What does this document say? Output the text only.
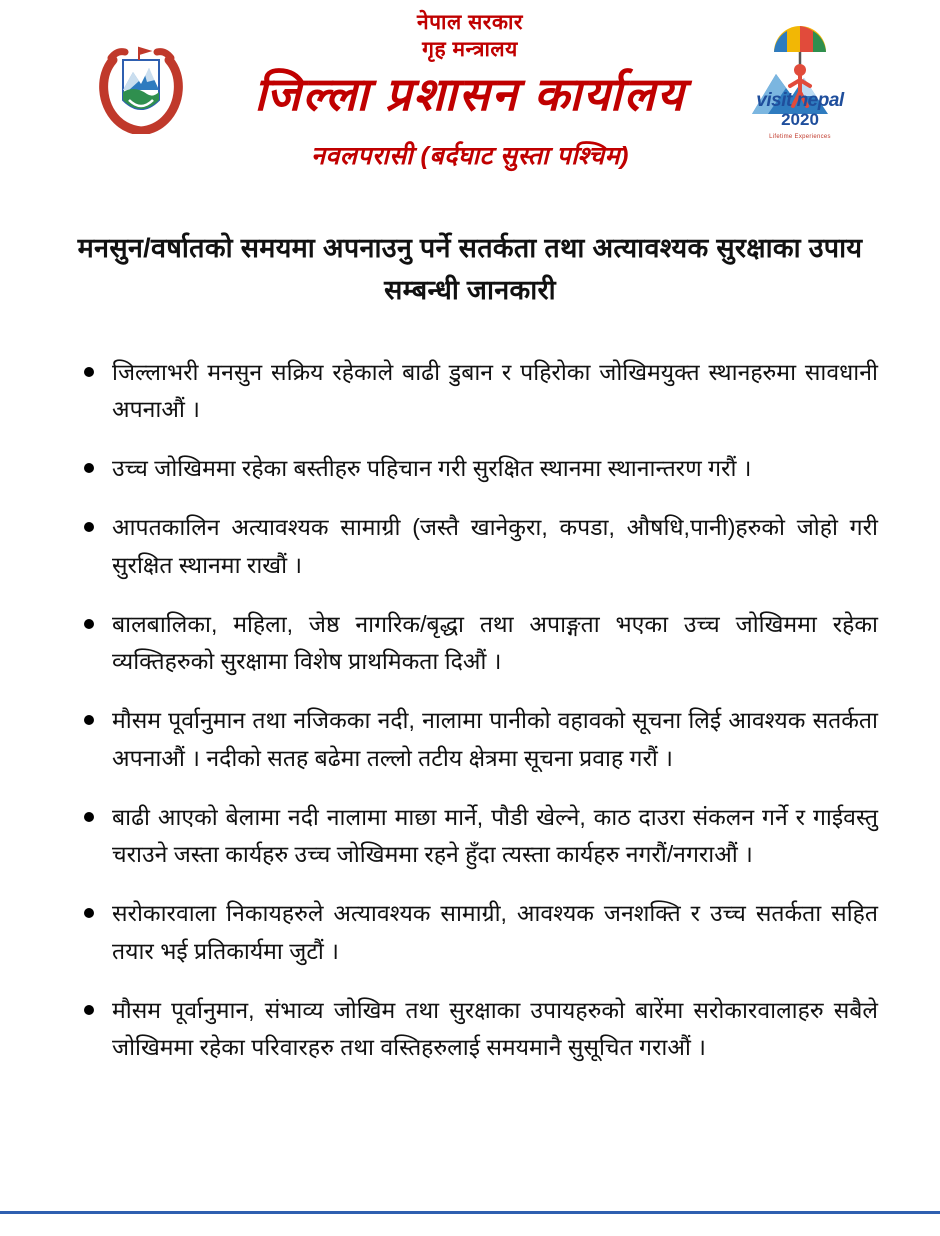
visit nepal
2020
Lifetime Experiences
नेपाल सरकार
गृह मन्त्रालय
जिल्ला प्रशासन कार्यालय
नवलपरासी (बर्दघाट सुस्ता पश्चिम)
मनसुन/वर्षातको समयमा अपनाउनु पर्ने सतर्कता तथा अत्यावश्यक सुरक्षाका उपाय सम्बन्धी जानकारी
जिल्लाभरी मनसुन सक्रिय रहेकाले बाढी डुबान र पहिरोका जोखिमयुक्त स्थानहरुमा सावधानी अपनाऔं ।
उच्च जोखिममा रहेका बस्तीहरु पहिचान गरी सुरक्षित स्थानमा स्थानान्तरण गरौं ।
आपतकालिन अत्यावश्यक सामाग्री (जस्तै खानेकुरा, कपडा, औषधि,पानी)हरुको जोहो गरी सुरक्षित स्थानमा राखौं ।
बालबालिका, महिला, जेष्ठ नागरिक/बृद्धा तथा अपाङ्गता भएका उच्च जोखिममा रहेका व्यक्तिहरुको सुरक्षामा विशेष प्राथमिकता दिऔं ।
मौसम पूर्वानुमान तथा नजिकका नदी, नालामा पानीको वहावको सूचना लिई आवश्यक सतर्कता अपनाऔं । नदीको सतह बढेमा तल्लो तटीय क्षेत्रमा सूचना प्रवाह गरौं ।
बाढी आएको बेलामा नदी नालामा माछा मार्ने, पौडी खेल्ने, काठ दाउरा संकलन गर्ने र गाईवस्तु चराउने जस्ता कार्यहरु उच्च जोखिममा रहने हुँदा त्यस्ता कार्यहरु नगरौं/नगराऔं ।
सरोकारवाला निकायहरुले अत्यावश्यक सामाग्री, आवश्यक जनशक्ति र उच्च सतर्कता सहित तयार भई प्रतिकार्यमा जुटौं ।
मौसम पूर्वानुमान, संभाव्य जोखिम तथा सुरक्षाका उपायहरुको बारेंमा सरोकारवालाहरु सबैले जोखिममा रहेका परिवारहरु तथा वस्तिहरुलाई समयमानै सुसूचित गराऔं ।
